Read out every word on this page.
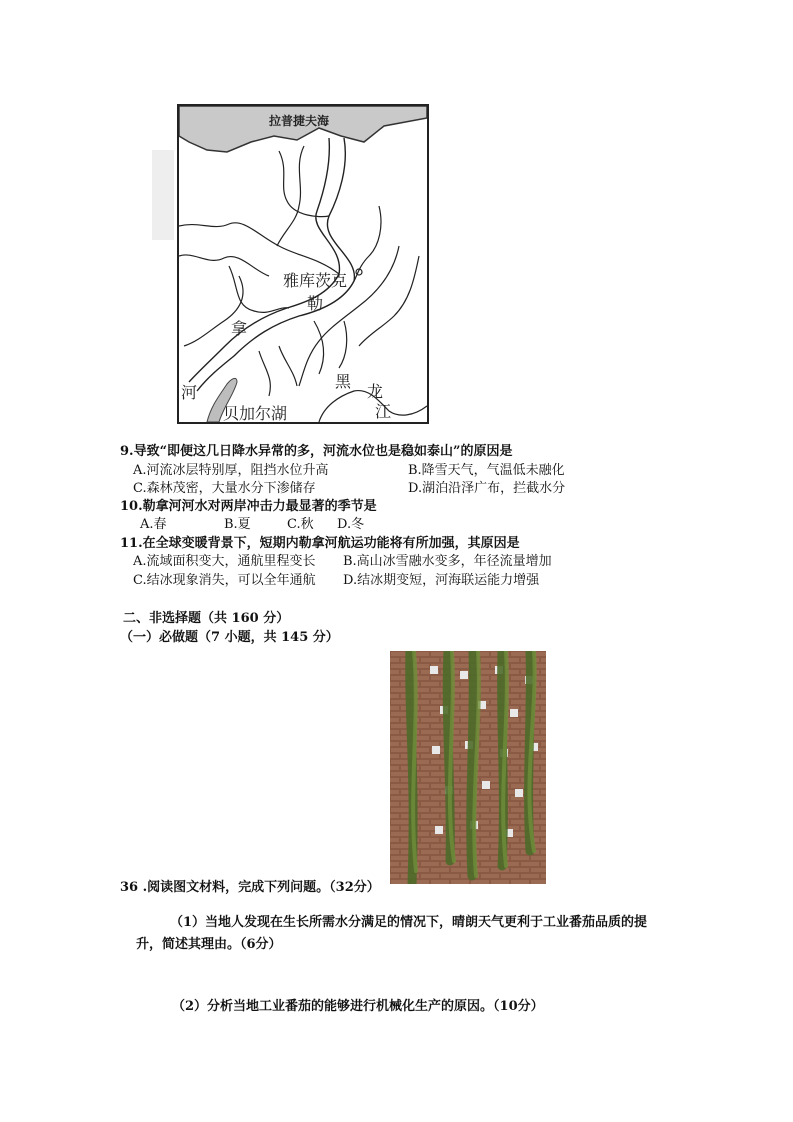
拉普捷夫海
雅库茨克
勒
拿
河
贝加尔湖
黑
龙
江
9.导致“即便这几日降水异常的多，河流水位也是稳如泰山”的原因是
A.河流冰层特别厚，阻挡水位升高	B.降雪天气，气温低未融化
C.森林茂密，大量水分下渗储存	D.湖泊沿泽广布，拦截水分
10.勒拿河河水对两岸冲击力最显著的季节是
A.春	B.夏	C.秋 D.冬
11.在全球变暖背景下，短期内勒拿河航运功能将有所加强，其原因是
A.流域面积变大，通航里程变长 B.高山冰雪融水变多，年径流量增加
C.结冰现象消失，可以全年通航 D.结冰期变短，河海联运能力增强
二、非选择题（共 160 分）
（一）必做题（7 小题，共 145 分）
36 .阅读图文材料，完成下列问题。（32分）
（1）当地人发现在生长所需水分满足的情况下，晴朗天气更利于工业番茄品质的提
升，简述其理由。（6分）
（2）分析当地工业番茄的能够进行机械化生产的原因。（10分）
